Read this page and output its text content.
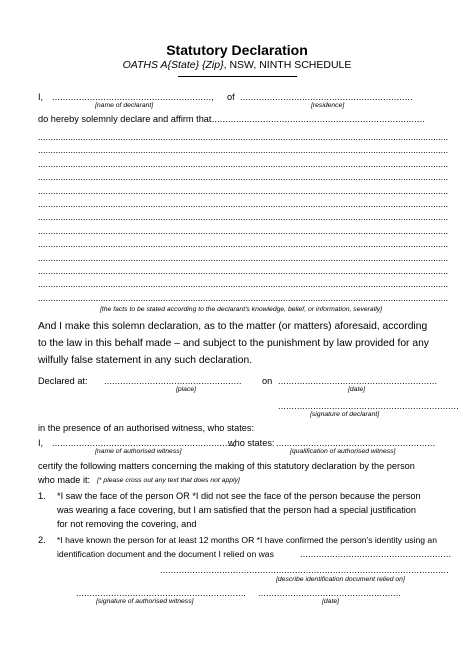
Statutory Declaration
OATHS A{State} {Zip}, NSW, NINTH SCHEDULE
I, ..........................................................., of ................................................................
[name of declarant]	[residence]
do hereby solemnly declare and affirm that
................................................................................
....................................................................................................................................................................
....................................................................................................................................................................
....................................................................................................................................................................
....................................................................................................................................................................
....................................................................................................................................................................
....................................................................................................................................................................
....................................................................................................................................................................
....................................................................................................................................................................
....................................................................................................................................................................
....................................................................................................................................................................
....................................................................................................................................................................
....................................................................................................................................................................
....................................................................................................................................................................
[the facts to be stated according to the declarant's knowledge, belief, or information, severally]
And I make this solemn declaration, as to the matter (or matters) aforesaid, according
to the law in this behalf made – and subject to the punishment by law provided for any
wilfully false statement in any such declaration.
Declared at: ................................................... on ...........................................................
[place]	[date]
...................................................................
[signature of declarant]
in the presence of an authorised witness, who states:
I, ...................................................................,
who states: ...........................................................
[name of authorised witness]	[qualification of authorised witness]
certify the following matters concerning the making of this statutory declaration by the person
who made it: [* please cross out any text that does not apply]
1. *I saw the face of the person OR *I did not see the face of the person because the person
was wearing a face covering, but I am satisfied that the person had a special justification
for not removing the covering, and
2. *I have known the person for at least 12 months OR *I have confirmed the person's identity using an
identification document and the document I relied on was	........................................................
...........................................................................................................
[describe identification document relied on]
............................................................... .....................................................
[signature of authorised witness]	[date]
